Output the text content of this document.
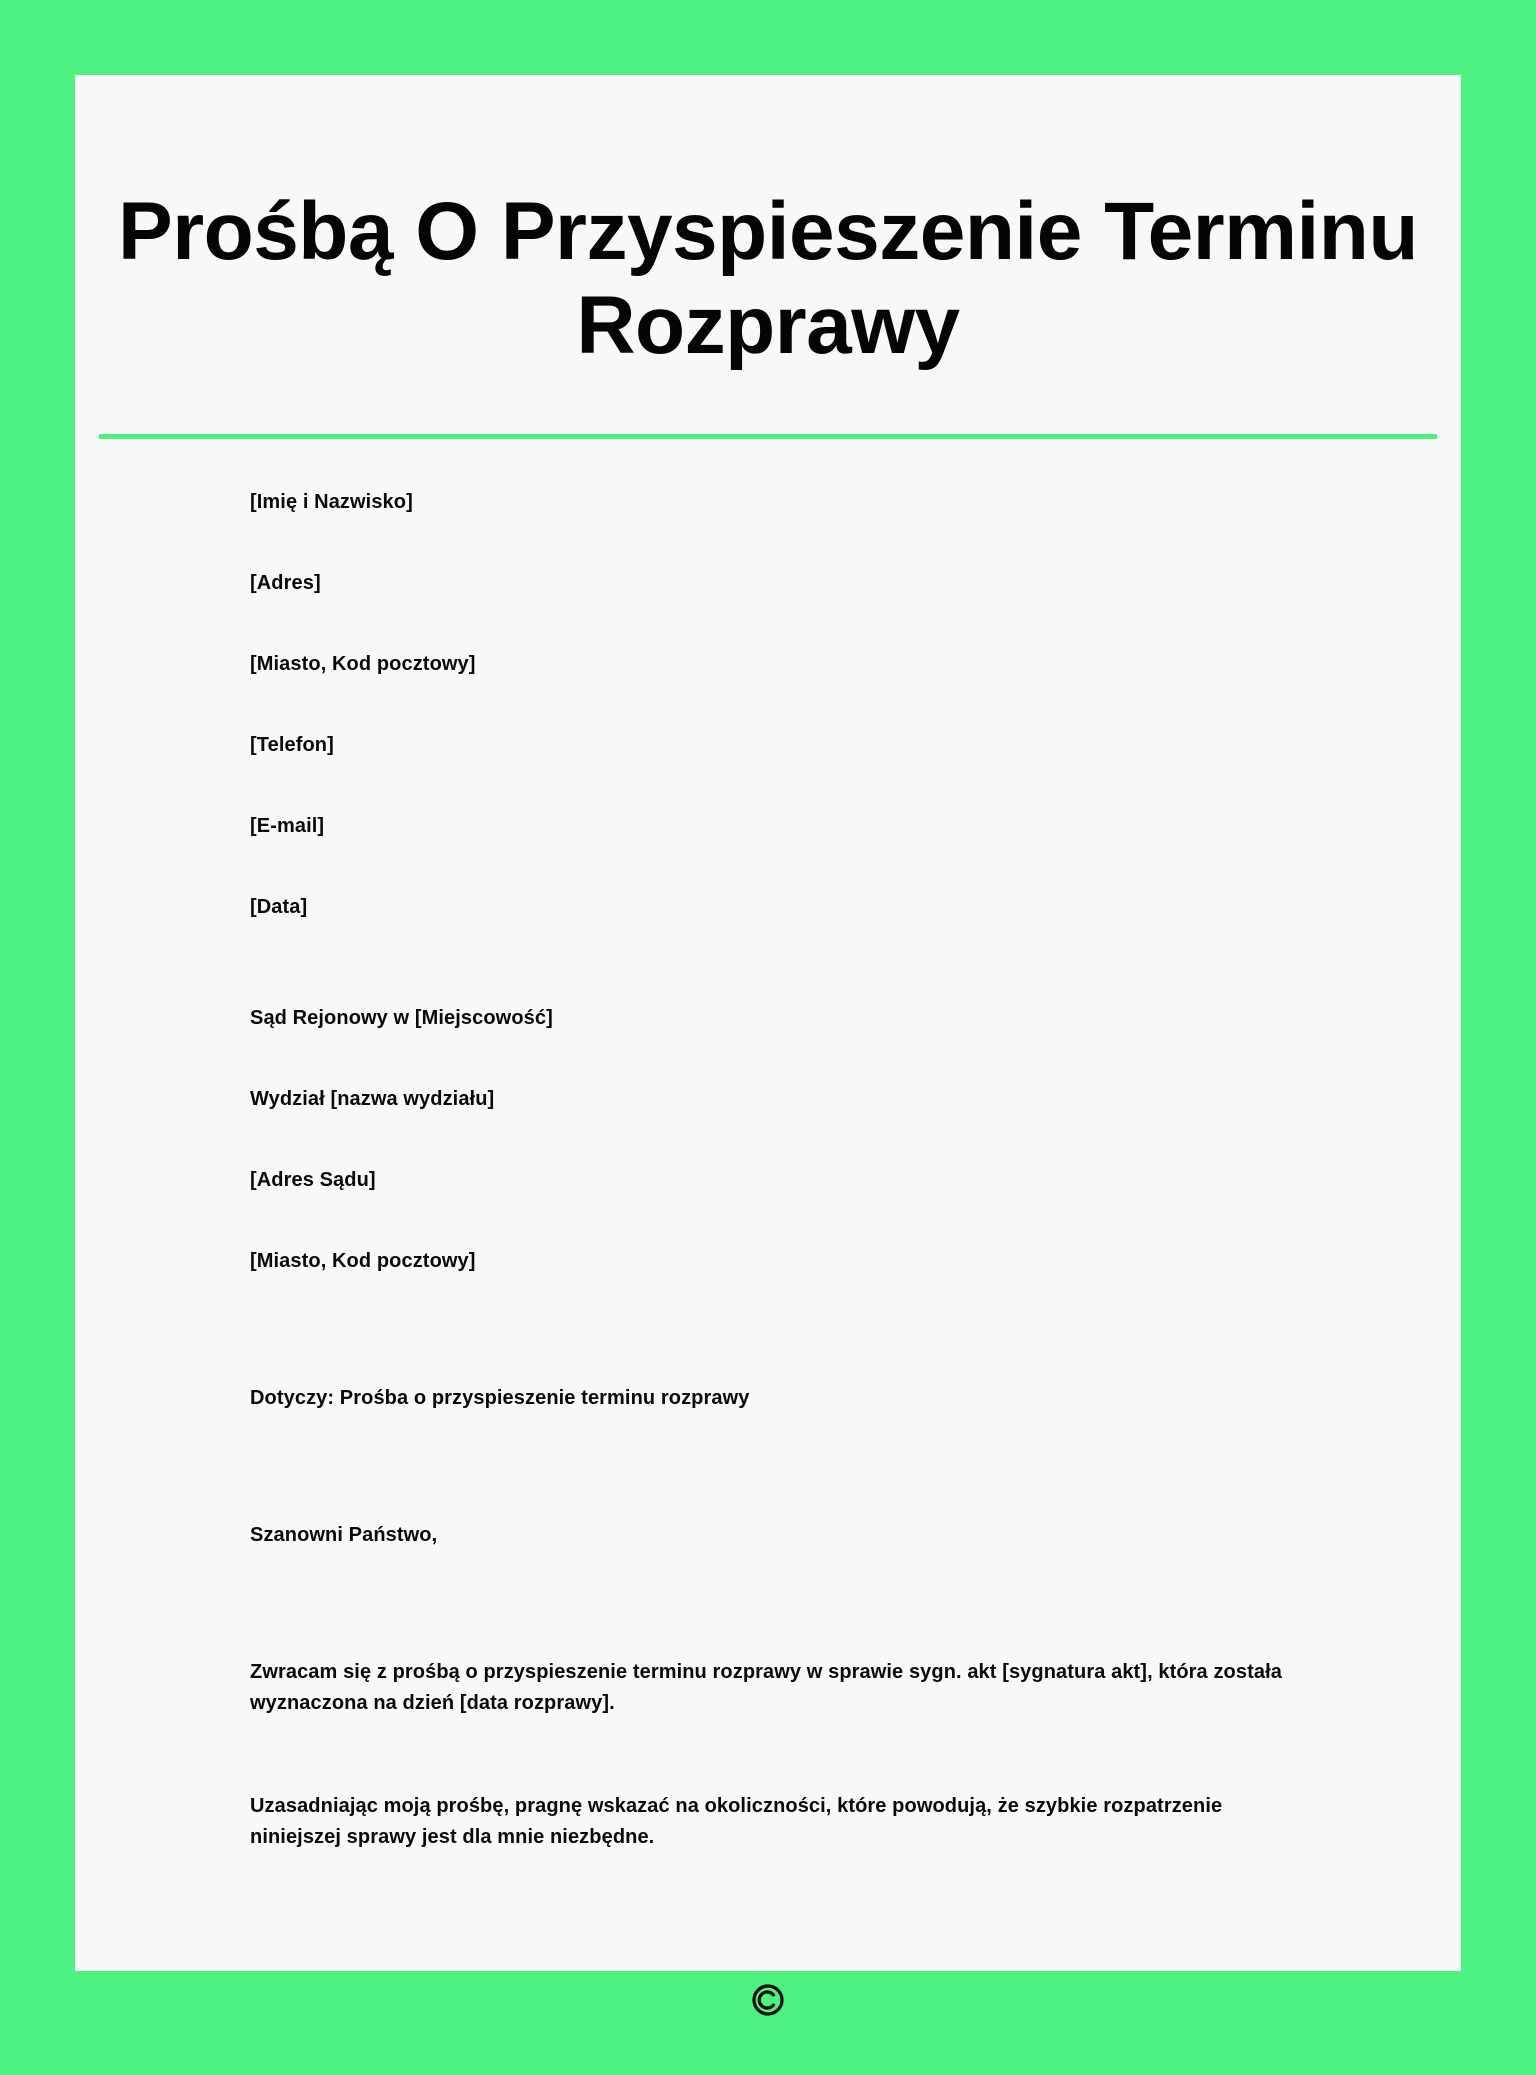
Prośbą O Przyspieszenie Terminu Rozprawy

[Imię i Nazwisko]

[Adres]

[Miasto, Kod pocztowy]

[Telefon]

[E-mail]

[Data]

Sąd Rejonowy w [Miejscowość]

Wydział [nazwa wydziału]

[Adres Sądu]

[Miasto, Kod pocztowy]

Dotyczy: Prośba o przyspieszenie terminu rozprawy

Szanowni Państwo,

Zwracam się z prośbą o przyspieszenie terminu rozprawy w sprawie sygn. akt [sygnatura akt], która została wyznaczona na dzień [data rozprawy].

Uzasadniając moją prośbę, pragnę wskazać na okoliczności, które powodują, że szybkie rozpatrzenie niniejszej sprawy jest dla mnie niezbędne.
